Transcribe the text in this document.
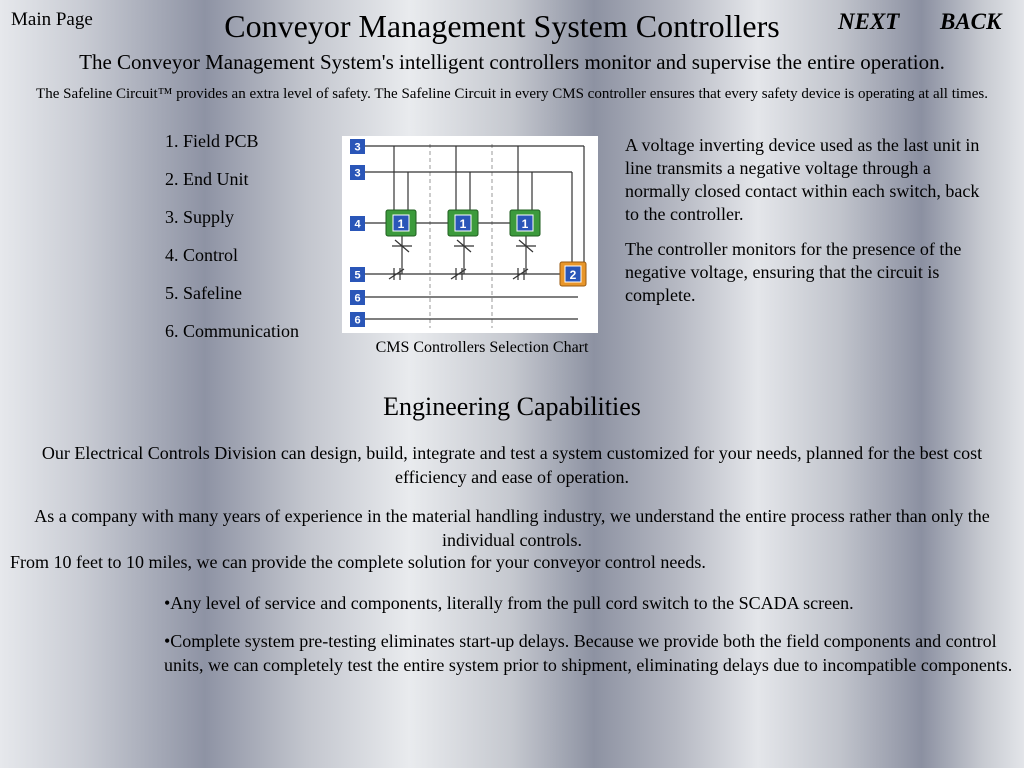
Main Page	Conveyor Management System Controllers	NEXT BACK
The Conveyor Management System's intelligent controllers monitor and supervise the entire operation.
The Safeline Circuit™ provides an extra level of safety. The Safeline Circuit in every CMS controller ensures that every safety device is operating at all times.
1. Field PCB
2. End Unit
3. Supply
4. Control
5. Safeline
6. Communication
1	1	1
2
3
3
4
5
6
6
CMS Controllers Selection Chart

A voltage inverting device used as the last unit in line transmits a negative voltage through a normally closed contact within each switch, back to the controller.

The controller monitors for the presence of the negative voltage, ensuring that the circuit is complete.

Engineering Capabilities
Our Electrical Controls Division can design, build, integrate and test a system customized for your needs, planned for the best cost efficiency and ease of operation.
As a company with many years of experience in the material handling industry, we understand the entire process rather than only the individual controls.
From 10 feet to 10 miles, we can provide the complete solution for your conveyor control needs.

•Any level of service and components, literally from the pull cord switch to the SCADA screen.

•Complete system pre-testing eliminates start-up delays. Because we provide both the field components and control units, we can completely test the entire system prior to shipment, eliminating delays due to incompatible components.
